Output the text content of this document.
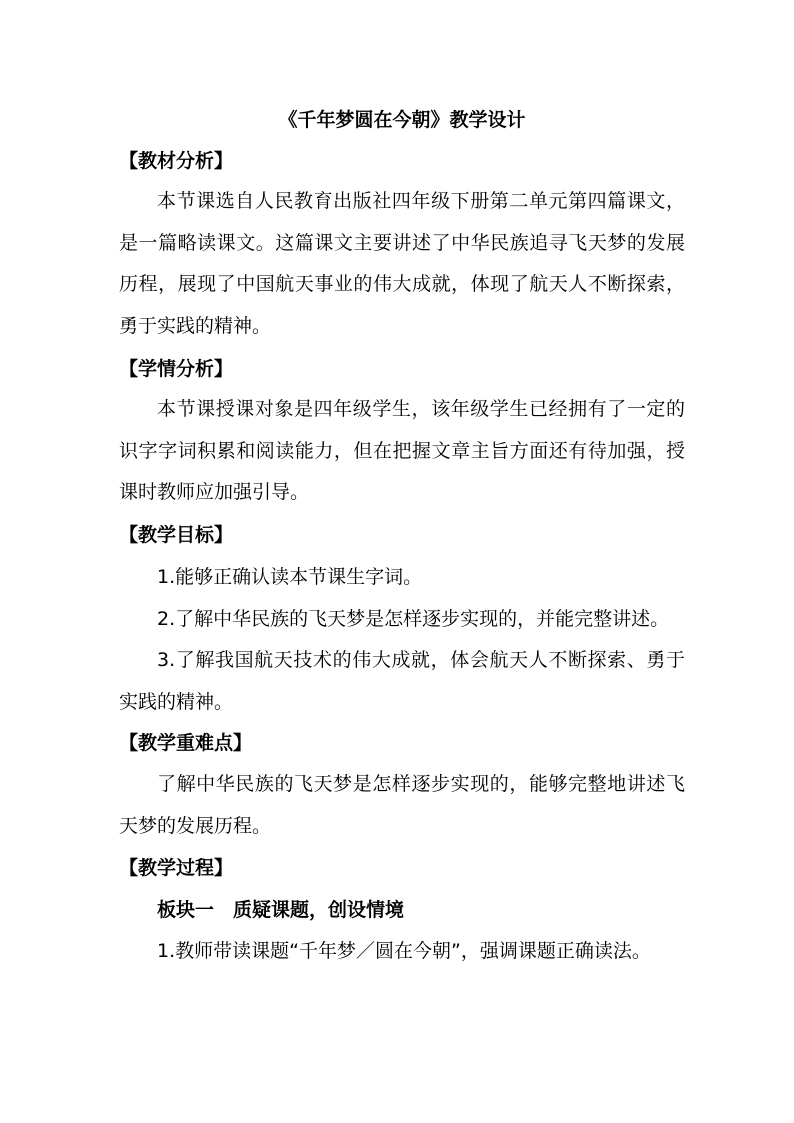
《千年梦圆在今朝》教学设计
【教材分析】
本节课选自人民教育出版社四年级下册第二单元第四篇课文，是一篇略读课文。这篇课文主要讲述了中华民族追寻飞天梦的发展历程，展现了中国航天事业的伟大成就，体现了航天人不断探索，勇于实践的精神。
【学情分析】
本节课授课对象是四年级学生，该年级学生已经拥有了一定的识字字词积累和阅读能力，但在把握文章主旨方面还有待加强，授课时教师应加强引导。
【教学目标】
1.能够正确认读本节课生字词。
2.了解中华民族的飞天梦是怎样逐步实现的，并能完整讲述。
3.了解我国航天技术的伟大成就，体会航天人不断探索、勇于实践的精神。
【教学重难点】
了解中华民族的飞天梦是怎样逐步实现的，能够完整地讲述飞天梦的发展历程。
【教学过程】
板块一　质疑课题，创设情境
1.教师带读课题“千年梦／圆在今朝”，强调课题正确读法。
